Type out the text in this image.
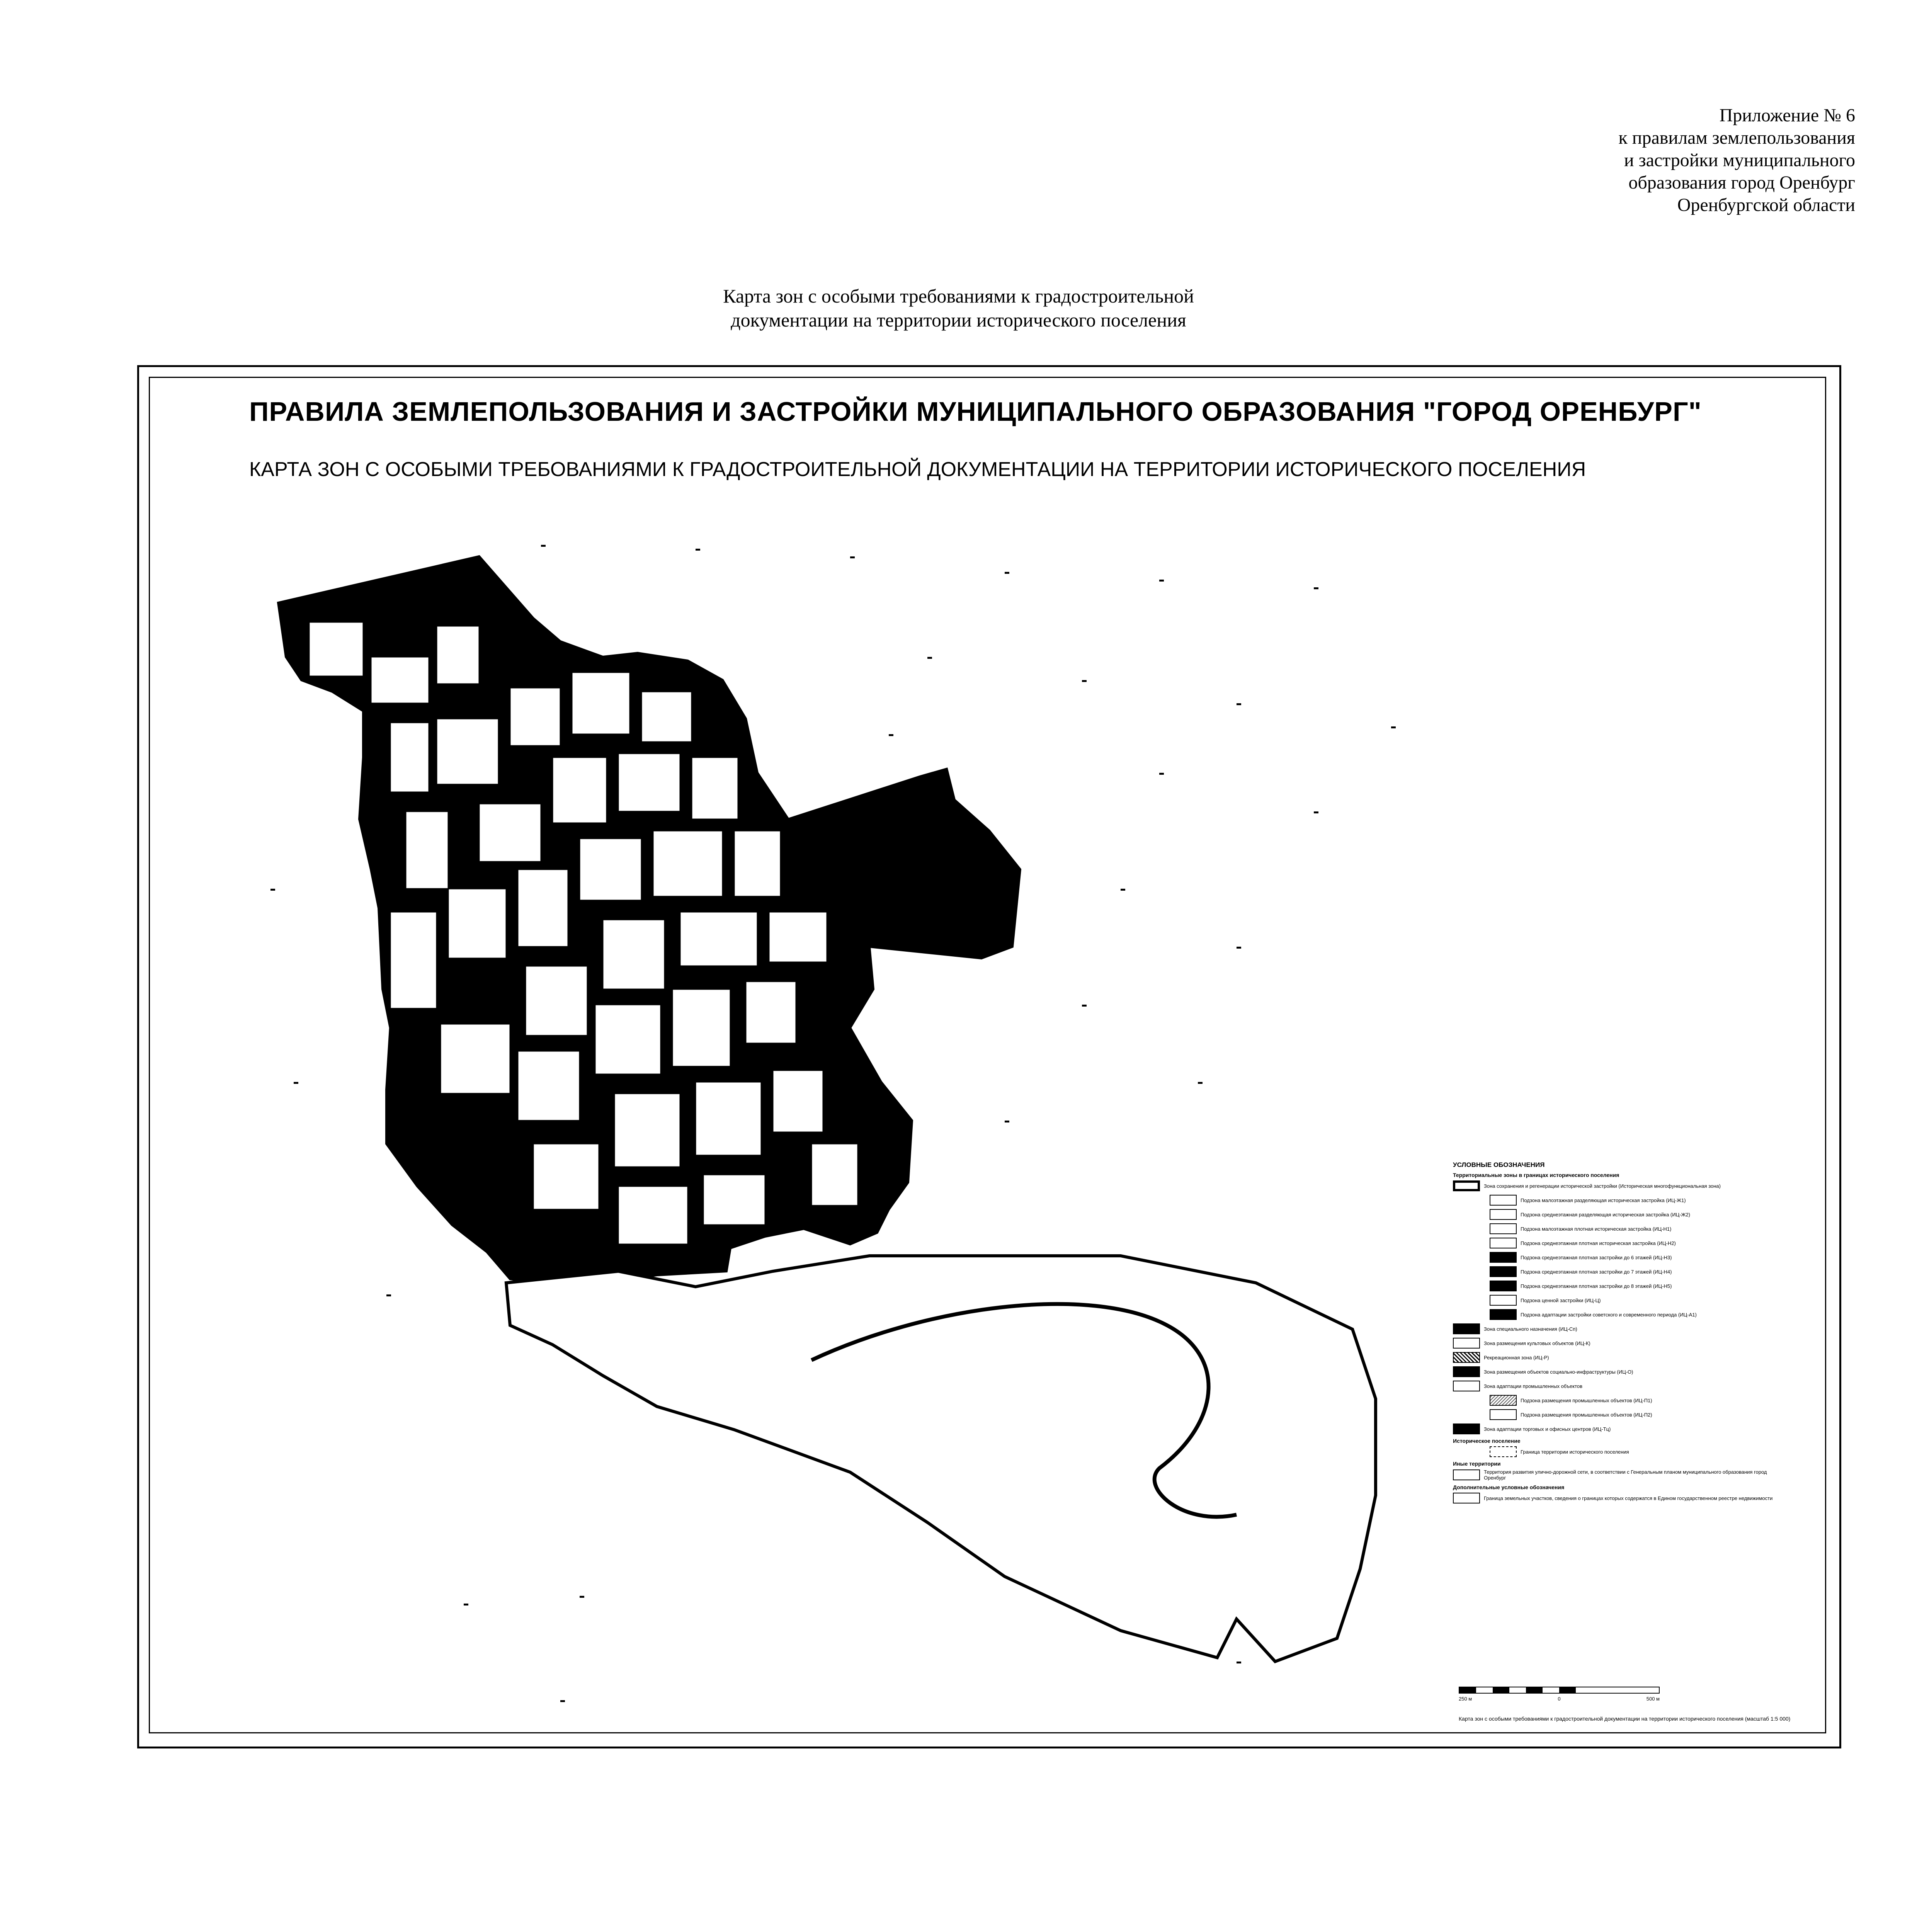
Приложение № 6
к правилам землепользования
и застройки муниципального
образования город Оренбург
Оренбургской области
Карта зон с особыми требованиями к градостроительной
документации на территории исторического поселения
ПРАВИЛА ЗЕМЛЕПОЛЬЗОВАНИЯ И ЗАСТРОЙКИ МУНИЦИПАЛЬНОГО ОБРАЗОВАНИЯ "ГОРОД ОРЕНБУРГ"
КАРТА ЗОН С ОСОБЫМИ ТРЕБОВАНИЯМИ К ГРАДОСТРОИТЕЛЬНОЙ ДОКУМЕНТАЦИИ НА ТЕРРИТОРИИ ИСТОРИЧЕСКОГО ПОСЕЛЕНИЯ
УСЛОВНЫЕ ОБОЗНАЧЕНИЯ
Территориальные зоны в границах исторического поселения
Зона сохранения и регенерации исторической застройки (Историческая многофункциональная зона)
Подзона малоэтажная разделяющая историческая застройка (ИЦ-Ж1)
Подзона среднеэтажная разделяющая историческая застройка (ИЦ-Ж2)
Подзона малоэтажная плотная историческая застройка (ИЦ-Н1)
Подзона среднеэтажная плотная историческая застройка (ИЦ-Н2)
Подзона среднеэтажная плотная застройки до 6 этажей (ИЦ-Н3)
Подзона среднеэтажная плотная застройки до 7 этажей (ИЦ-Н4)
Подзона среднеэтажная плотная застройки до 8 этажей (ИЦ-Н5)
Подзона ценной застройки (ИЦ-Ц)
Подзона адаптации застройки советского и современного периода (ИЦ-А1)
Зона специального назначения (ИЦ-Сп)
Зона размещения культовых объектов (ИЦ-К)
Рекреационная зона (ИЦ-Р)
Зона размещения объектов социально-инфраструктуры (ИЦ-О)
Зона адаптации промышленных объектов
Подзона размещения промышленных объектов (ИЦ-П1)
Подзона размещения промышленных объектов (ИЦ-П2)
Зона адаптации торговых и офисных центров (ИЦ-Тц)
Историческое поселение
Граница территории исторического поселения
Иные территории
Территория развития улично-дорожной сети, в соответствии с Генеральным планом муниципального образования город Оренбург
Дополнительные условные обозначения
Граница земельных участков, сведения о границах которых содержатся в Едином государственном реестре недвижимости
250 м	0	500 м
Карта зон с особыми требованиями к градостроительной документации на территории исторического поселения (масштаб 1:5 000)
